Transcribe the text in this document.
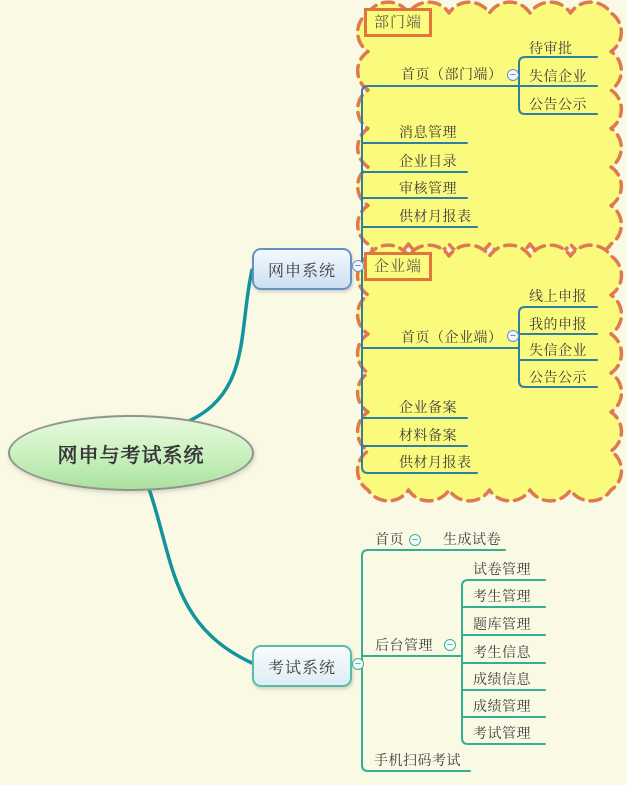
部门端
企业端
网申与考试系统
网申系统
考试系统
−
−
−
−
−
−
首页（部门端）
待审批
失信企业
公告公示
消息管理
企业目录
审核管理
供材月报表
首页（企业端）
线上申报
我的申报
失信企业
公告公示
企业备案
材料备案
供材月报表
首页	生成试卷
后台管理
试卷管理
考生管理
题库管理
考生信息
成绩信息
成绩管理
考试管理
手机扫码考试
